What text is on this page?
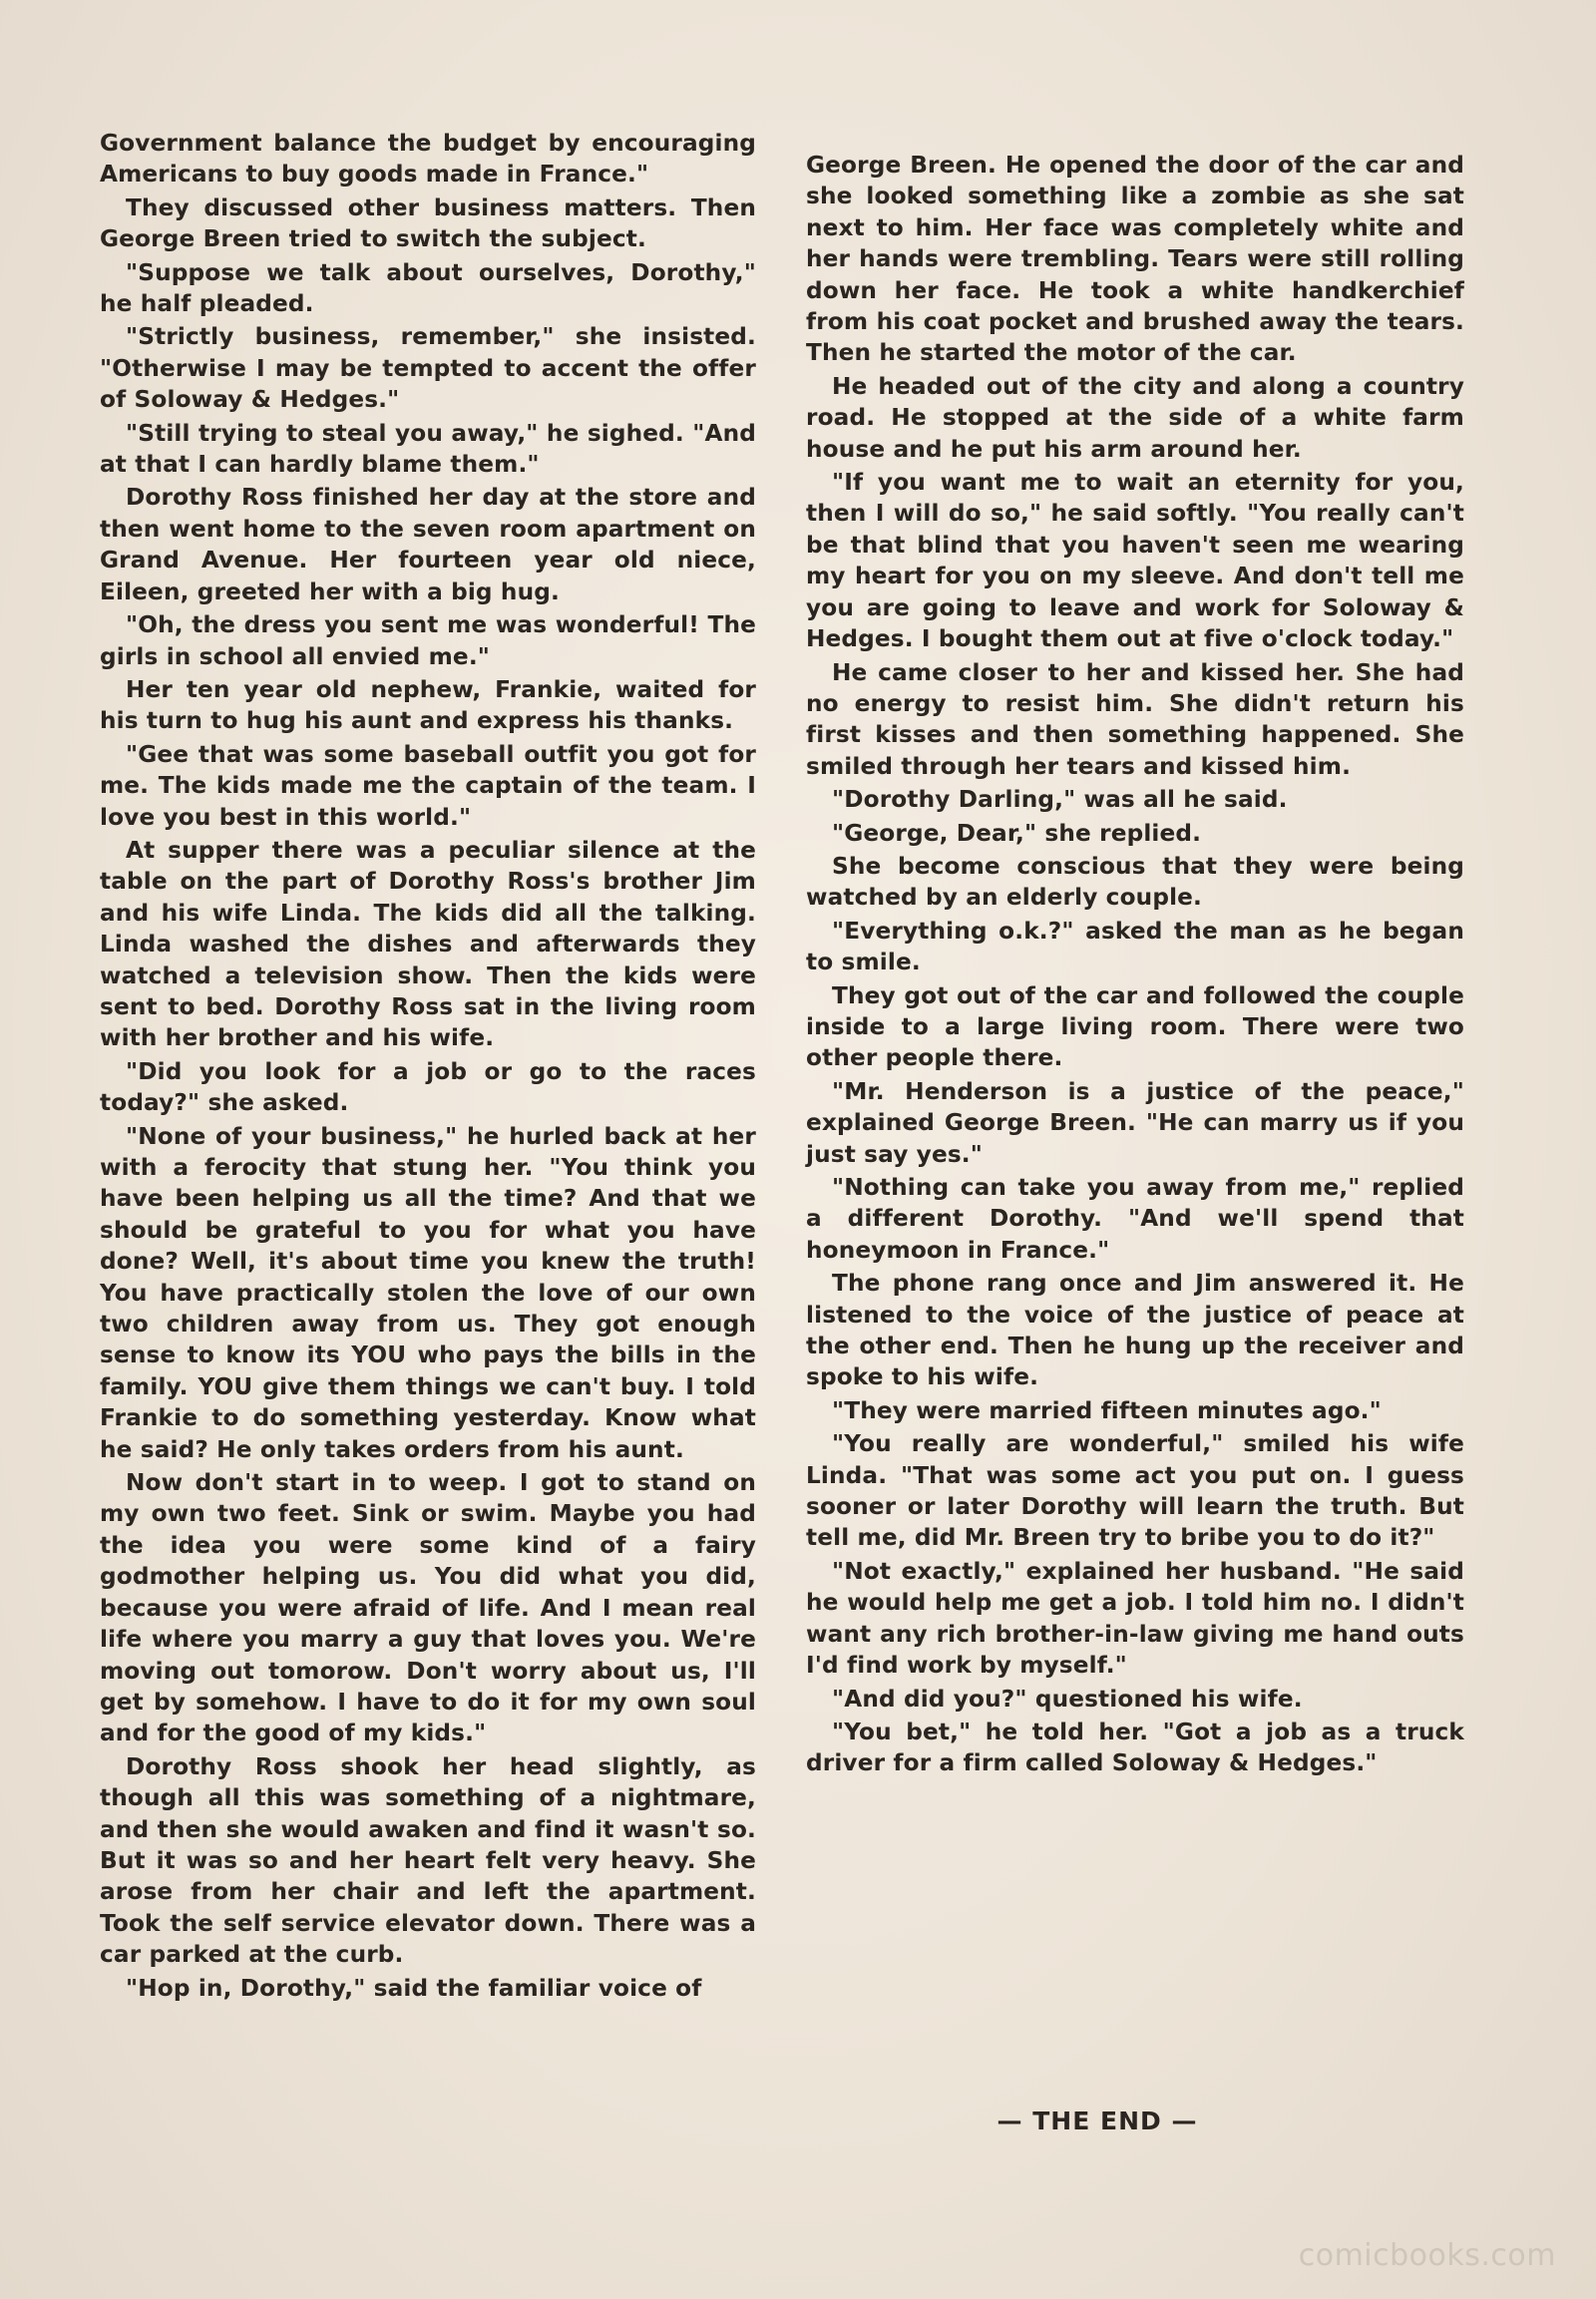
Government balance the budget by encouraging Americans to buy goods made in France."

They discussed other business matters. Then George Breen tried to switch the subject.

"Suppose we talk about ourselves, Dorothy," he half pleaded.

"Strictly business, remember," she insisted. "Otherwise I may be tempted to accent the offer of Soloway & Hedges."

"Still trying to steal you away," he sighed. "And at that I can hardly blame them."

Dorothy Ross finished her day at the store and then went home to the seven room apartment on Grand Avenue. Her fourteen year old niece, Eileen, greeted her with a big hug.

"Oh, the dress you sent me was wonderful! The girls in school all envied me."

Her ten year old nephew, Frankie, waited for his turn to hug his aunt and express his thanks.

"Gee that was some baseball outfit you got for me. The kids made me the captain of the team. I love you best in this world."

At supper there was a peculiar silence at the table on the part of Dorothy Ross's brother Jim and his wife Linda. The kids did all the talking. Linda washed the dishes and afterwards they watched a television show. Then the kids were sent to bed. Dorothy Ross sat in the living room with her brother and his wife.

"Did you look for a job or go to the races today?" she asked.

"None of your business," he hurled back at her with a ferocity that stung her. "You think you have been helping us all the time? And that we should be grateful to you for what you have done? Well, it's about time you knew the truth! You have practically stolen the love of our own two children away from us. They got enough sense to know its YOU who pays the bills in the family. YOU give them things we can't buy. I told Frankie to do something yesterday. Know what he said? He only takes orders from his aunt.

Now don't start in to weep. I got to stand on my own two feet. Sink or swim. Maybe you had the idea you were some kind of a fairy godmother helping us. You did what you did, because you were afraid of life. And I mean real life where you marry a guy that loves you. We're moving out tomorow. Don't worry about us, I'll get by somehow. I have to do it for my own soul and for the good of my kids."

Dorothy Ross shook her head slightly, as though all this was something of a nightmare, and then she would awaken and find it wasn't so. But it was so and her heart felt very heavy. She arose from her chair and left the apartment. Took the self service elevator down. There was a car parked at the curb.

"Hop in, Dorothy," said the familiar voice of

George Breen. He opened the door of the car and she looked something like a zombie as she sat next to him. Her face was completely white and her hands were trembling. Tears were still rolling down her face. He took a white handkerchief from his coat pocket and brushed away the tears. Then he started the motor of the car.

He headed out of the city and along a country road. He stopped at the side of a white farm house and he put his arm around her.

"If you want me to wait an eternity for you, then I will do so," he said softly. "You really can't be that blind that you haven't seen me wearing my heart for you on my sleeve. And don't tell me you are going to leave and work for Soloway & Hedges. I bought them out at five o'clock today."

He came closer to her and kissed her. She had no energy to resist him. She didn't return his first kisses and then something happened. She smiled through her tears and kissed him.

"Dorothy Darling," was all he said.

"George, Dear," she replied.

She become conscious that they were being watched by an elderly couple.

"Everything o.k.?" asked the man as he began to smile.

They got out of the car and followed the couple inside to a large living room. There were two other people there.

"Mr. Henderson is a justice of the peace," explained George Breen. "He can marry us if you just say yes."

"Nothing can take you away from me," replied a different Dorothy. "And we'll spend that honeymoon in France."

The phone rang once and Jim answered it. He listened to the voice of the justice of peace at the other end. Then he hung up the receiver and spoke to his wife.

"They were married fifteen minutes ago."

"You really are wonderful," smiled his wife Linda. "That was some act you put on. I guess sooner or later Dorothy will learn the truth. But tell me, did Mr. Breen try to bribe you to do it?"

"Not exactly," explained her husband. "He said he would help me get a job. I told him no. I didn't want any rich brother-in-law giving me hand outs I'd find work by myself."

"And did you?" questioned his wife.

"You bet," he told her. "Got a job as a truck driver for a firm called Soloway & Hedges."

— THE END —
comicbooks.com
